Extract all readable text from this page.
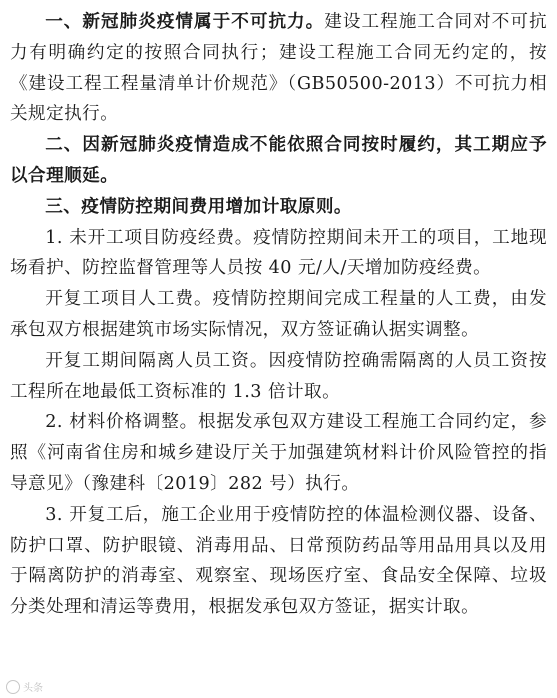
一、新冠肺炎疫情属于不可抗力。建设工程施工合同对不可抗力有明确约定的按照合同执行；建设工程施工合同无约定的，按《建设工程工程量清单计价规范》（GB50500-2013）不可抗力相关规定执行。

二、因新冠肺炎疫情造成不能依照合同按时履约，其工期应予以合理顺延。

三、疫情防控期间费用增加计取原则。

1. 未开工项目防疫经费。疫情防控期间未开工的项目，工地现场看护、防控监督管理等人员按 40 元/人/天增加防疫经费。

开复工项目人工费。疫情防控期间完成工程量的人工费，由发承包双方根据建筑市场实际情况，双方签证确认据实调整。

开复工期间隔离人员工资。因疫情防控确需隔离的人员工资按工程所在地最低工资标准的 1.3 倍计取。

2. 材料价格调整。根据发承包双方建设工程施工合同约定，参照《河南省住房和城乡建设厅关于加强建筑材料计价风险管控的指导意见》（豫建科〔2019〕282 号）执行。

3. 开复工后，施工企业用于疫情防控的体温检测仪器、设备、防护口罩、防护眼镜、消毒用品、日常预防药品等用品用具以及用于隔离防护的消毒室、观察室、现场医疗室、食品安全保障、垃圾分类处理和清运等费用，根据发承包双方签证，据实计取。

头条
